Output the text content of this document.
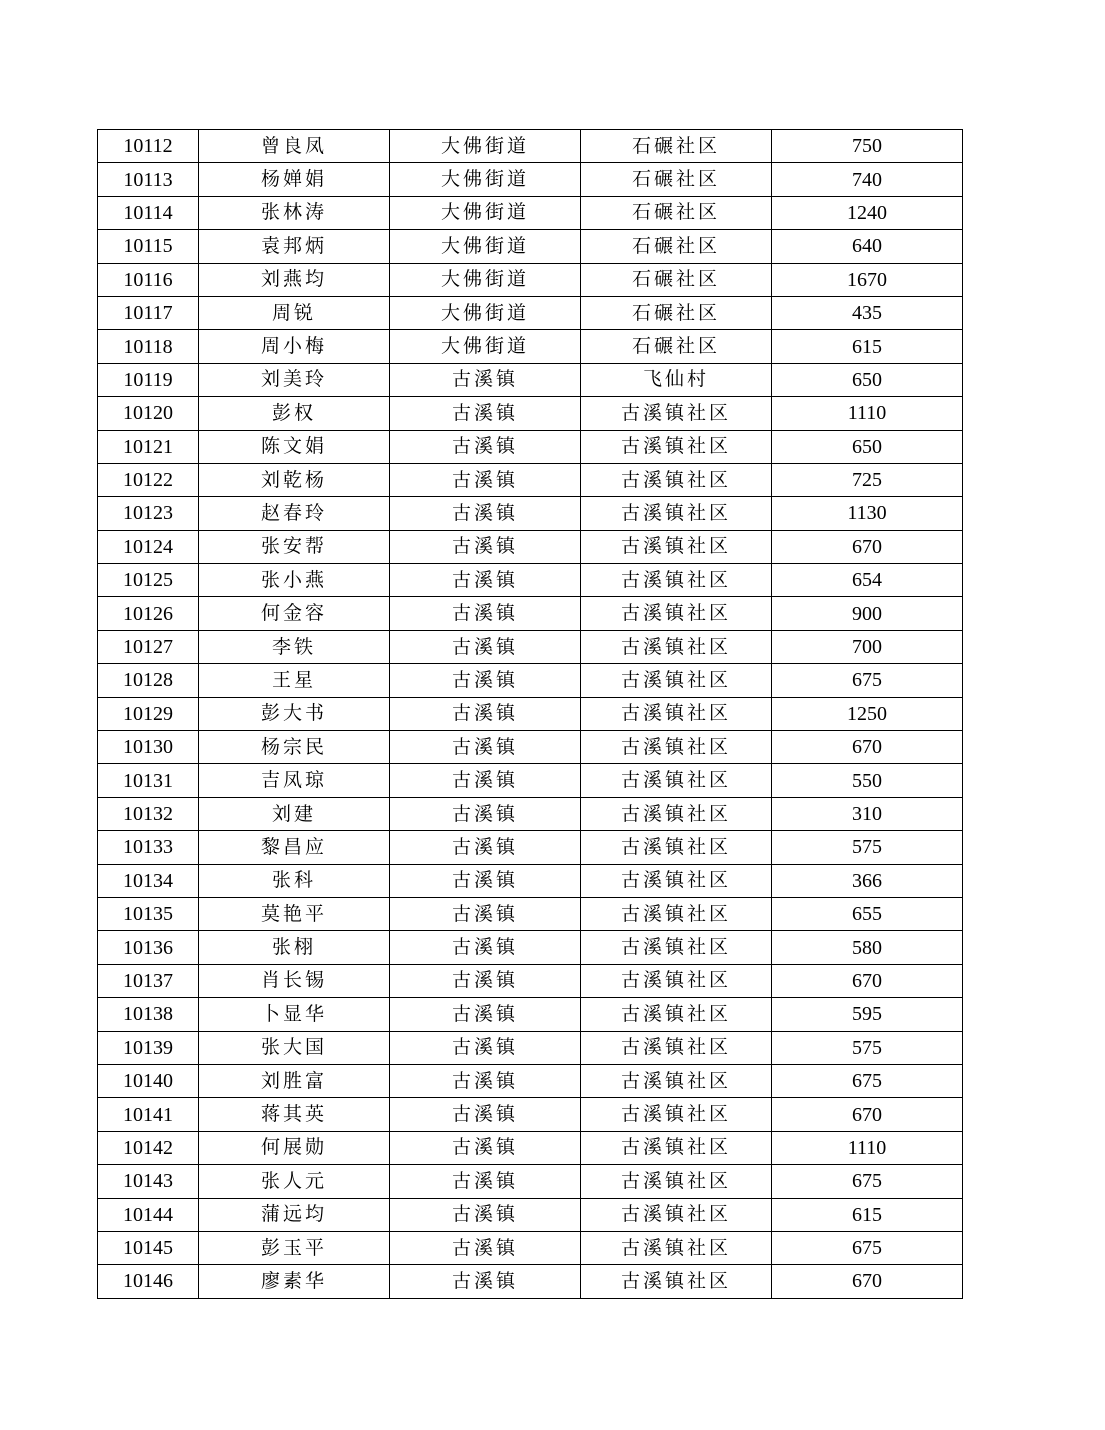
10112	曾良凤	大佛街道	石碾社区	750
10113	杨婵娟	大佛街道	石碾社区	740
10114	张林涛	大佛街道	石碾社区	1240
10115	袁邦炳	大佛街道	石碾社区	640
10116	刘燕均	大佛街道	石碾社区	1670
10117	周锐	大佛街道	石碾社区	435
10118	周小梅	大佛街道	石碾社区	615
10119	刘美玲	古溪镇	飞仙村	650
10120	彭权	古溪镇	古溪镇社区	1110
10121	陈文娟	古溪镇	古溪镇社区	650
10122	刘乾杨	古溪镇	古溪镇社区	725
10123	赵春玲	古溪镇	古溪镇社区	1130
10124	张安帮	古溪镇	古溪镇社区	670
10125	张小燕	古溪镇	古溪镇社区	654
10126	何金容	古溪镇	古溪镇社区	900
10127	李铁	古溪镇	古溪镇社区	700
10128	王星	古溪镇	古溪镇社区	675
10129	彭大书	古溪镇	古溪镇社区	1250
10130	杨宗民	古溪镇	古溪镇社区	670
10131	吉凤琼	古溪镇	古溪镇社区	550
10132	刘建	古溪镇	古溪镇社区	310
10133	黎昌应	古溪镇	古溪镇社区	575
10134	张科	古溪镇	古溪镇社区	366
10135	莫艳平	古溪镇	古溪镇社区	655
10136	张栩	古溪镇	古溪镇社区	580
10137	肖长锡	古溪镇	古溪镇社区	670
10138	卜显华	古溪镇	古溪镇社区	595
10139	张大国	古溪镇	古溪镇社区	575
10140	刘胜富	古溪镇	古溪镇社区	675
10141	蒋其英	古溪镇	古溪镇社区	670
10142	何展勋	古溪镇	古溪镇社区	1110
10143	张人元	古溪镇	古溪镇社区	675
10144	蒲远均	古溪镇	古溪镇社区	615
10145	彭玉平	古溪镇	古溪镇社区	675
10146	廖素华	古溪镇	古溪镇社区	670
